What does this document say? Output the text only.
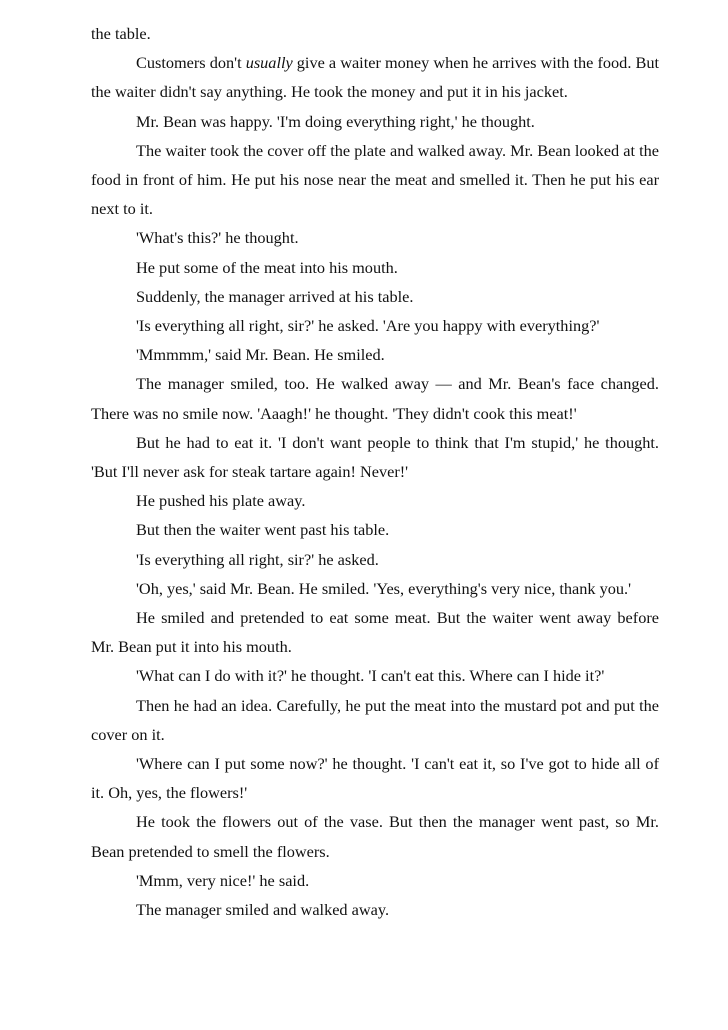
the table.

Customers don't usually give a waiter money when he arrives with the food. But the waiter didn't say anything. He took the money and put it in his jacket.

Mr. Bean was happy. 'I'm doing everything right,' he thought.

The waiter took the cover off the plate and walked away. Mr. Bean looked at the food in front of him. He put his nose near the meat and smelled it. Then he put his ear next to it.

'What's this?' he thought.

He put some of the meat into his mouth.

Suddenly, the manager arrived at his table.

'Is everything all right, sir?' he asked. 'Are you happy with everything?'

'Mmmmm,' said Mr. Bean. He smiled.

The manager smiled, too. He walked away — and Mr. Bean's face changed. There was no smile now. 'Aaagh!' he thought. 'They didn't cook this meat!'

But he had to eat it. 'I don't want people to think that I'm stupid,' he thought. 'But I'll never ask for steak tartare again! Never!'

He pushed his plate away.

But then the waiter went past his table.

'Is everything all right, sir?' he asked.

'Oh, yes,' said Mr. Bean. He smiled. 'Yes, everything's very nice, thank you.'

He smiled and pretended to eat some meat. But the waiter went away before Mr. Bean put it into his mouth.

'What can I do with it?' he thought. 'I can't eat this. Where can I hide it?'

Then he had an idea. Carefully, he put the meat into the mustard pot and put the cover on it.

'Where can I put some now?' he thought. 'I can't eat it, so I've got to hide all of it. Oh, yes, the flowers!'

He took the flowers out of the vase. But then the manager went past, so Mr. Bean pretended to smell the flowers.

'Mmm, very nice!' he said.

The manager smiled and walked away.
